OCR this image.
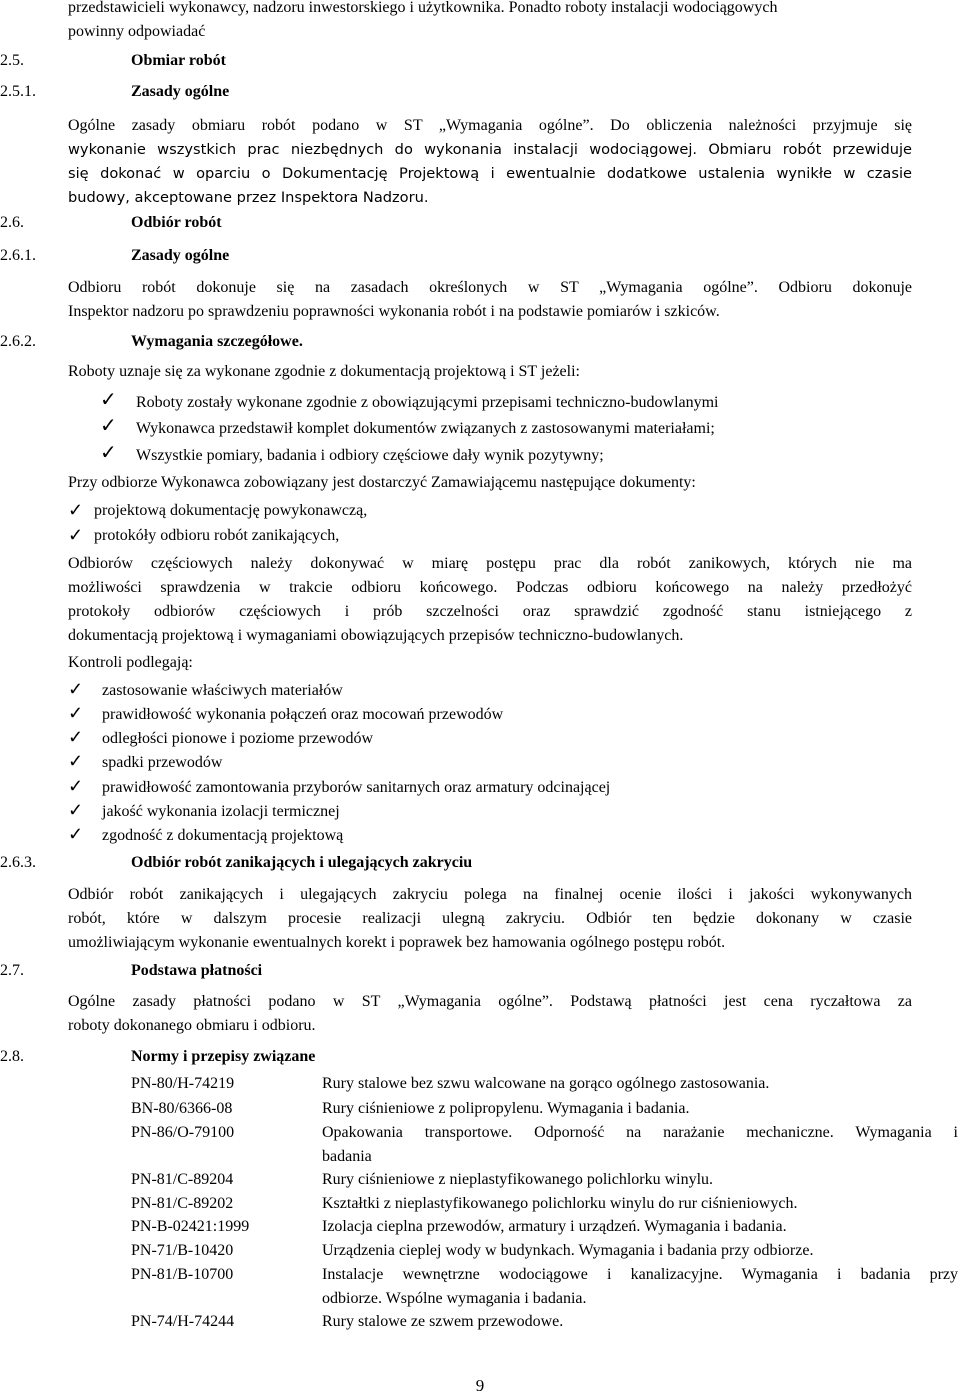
przedstawicieli wykonawcy, nadzoru inwestorskiego i użytkownika. Ponadto roboty instalacji wodociągowych
powinny odpowiadać
2.5.	Obmiar robót
2.5.1.	Zasady ogólne
Ogólne zasady obmiaru robót podano w ST „Wymagania ogólne”. Do obliczenia należności przyjmuje się
wykonanie wszystkich prac niezbędnych do wykonania instalacji wodociągowej. Obmiaru robót przewiduje
się dokonać w oparciu o Dokumentację Projektową i ewentualnie dodatkowe ustalenia wynikłe w czasie
budowy, akceptowane przez Inspektora Nadzoru.
2.6.	Odbiór robót
2.6.1.	Zasady ogólne
Odbioru robót dokonuje się na zasadach określonych w ST „Wymagania ogólne”. Odbioru dokonuje
Inspektor nadzoru po sprawdzeniu poprawności wykonania robót i na podstawie pomiarów i szkiców.
2.6.2.	Wymagania szczegółowe.
Roboty uznaje się za wykonane zgodnie z dokumentacją projektową i ST jeżeli:
✓ Roboty zostały wykonane zgodnie z obowiązującymi przepisami techniczno-budowlanymi
✓ Wykonawca przedstawił komplet dokumentów związanych z zastosowanymi materiałami;
✓ Wszystkie pomiary, badania i odbiory częściowe dały wynik pozytywny;
Przy odbiorze Wykonawca zobowiązany jest dostarczyć Zamawiającemu następujące dokumenty:
✓ projektową dokumentację powykonawczą,
✓ protokóły odbioru robót zanikających,
Odbiorów częściowych należy dokonywać w miarę postępu prac dla robót zanikowych, których nie ma
możliwości sprawdzenia w trakcie odbioru końcowego. Podczas odbioru końcowego na należy przedłożyć
protokoły odbiorów częściowych i prób szczelności oraz sprawdzić zgodność stanu istniejącego z
dokumentacją projektową i wymaganiami obowiązujących przepisów techniczno-budowlanych.
Kontroli podlegają:
✓ zastosowanie właściwych materiałów
✓ prawidłowość wykonania połączeń oraz mocowań przewodów
✓ odległości pionowe i poziome przewodów
✓ spadki przewodów
✓ prawidłowość zamontowania przyborów sanitarnych oraz armatury odcinającej
✓ jakość wykonania izolacji termicznej
✓ zgodność z dokumentacją projektową
2.6.3.	Odbiór robót zanikających i ulegających zakryciu
Odbiór robót zanikających i ulegających zakryciu polega na finalnej ocenie ilości i jakości wykonywanych
robót, które w dalszym procesie realizacji ulegną zakryciu. Odbiór ten będzie dokonany w czasie
umożliwiającym wykonanie ewentualnych korekt i poprawek bez hamowania ogólnego postępu robót.
2.7.	Podstawa płatności
Ogólne zasady płatności podano w ST „Wymagania ogólne”. Podstawą płatności jest cena ryczałtowa za
roboty dokonanego obmiaru i odbioru.
2.8.	Normy i przepisy związane
PN-80/H-74219	Rury stalowe bez szwu walcowane na gorąco ogólnego zastosowania.
BN-80/6366-08	Rury ciśnieniowe z polipropylenu. Wymagania i badania.
PN-86/O-79100	Opakowania transportowe. Odporność na narażanie mechaniczne. Wymagania i
badania
PN-81/C-89204	Rury ciśnieniowe z nieplastyfikowanego polichlorku winylu.
PN-81/C-89202	Kształtki z nieplastyfikowanego polichlorku winylu do rur ciśnieniowych.
PN-B-02421:1999	Izolacja cieplna przewodów, armatury i urządzeń. Wymagania i badania.
PN-71/B-10420	Urządzenia cieplej wody w budynkach. Wymagania i badania przy odbiorze.
PN-81/B-10700	Instalacje wewnętrzne wodociągowe i kanalizacyjne. Wymagania i badania przy
odbiorze. Wspólne wymagania i badania.
PN-74/H-74244	Rury stalowe ze szwem przewodowe.
9
